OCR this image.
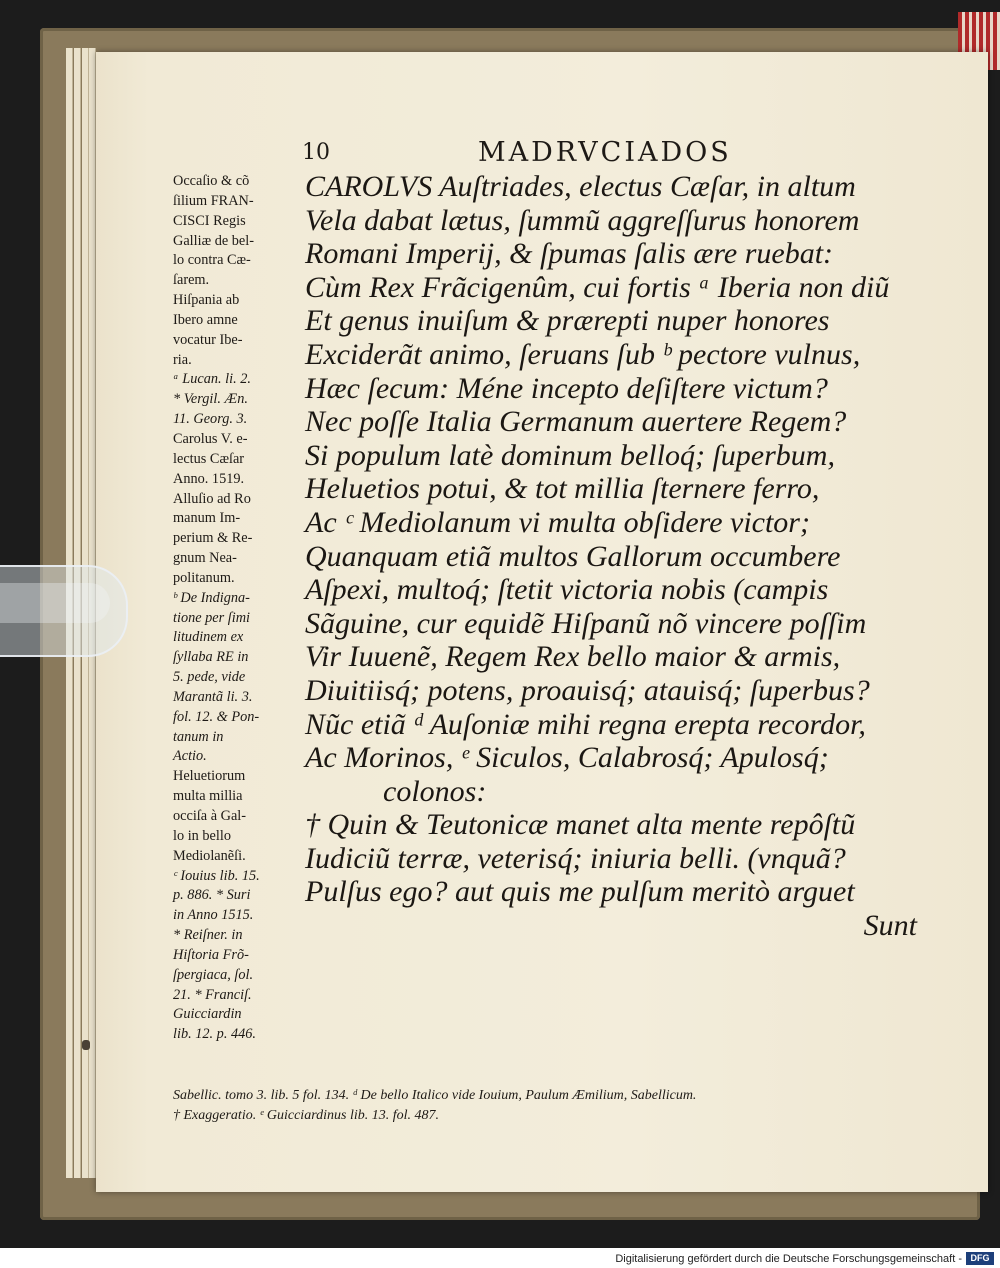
10	MADRVCIADOS
Occaſio & cõ
ſilium FRAN-
CISCI Regis
Galliæ de bel-
lo contra Cæ-
ſarem.
Hiſpania ab
Ibero amne
vocatur Ibe-
ria.
ᵃ Lucan. li. 2.
* Vergil. Æn.
11. Georg. 3.
Carolus V. e-
lectus Cæſar
Anno. 1519.
Alluſio ad Ro
manum Im-
perium & Re-
gnum Nea-
politanum.
ᵇ De Indigna-
tione per ſimi
litudinem ex
ſyllaba RE in
5. pede, vide
Marantã li. 3.
fol. 12. & Pon-
tanum in
Actio.
Heluetiorum
multa millia
occiſa à Gal-
lo in bello
Mediolanẽſi.
ᶜ Iouius lib. 15.
p. 886. * Suri
in Anno 1515.
* Reiſner. in
Hiſtoria Frõ-
ſpergiaca, ſol.
21. * Franciſ.
Guicciardin
lib. 12. p. 446.
CAROLVS Auſtriades, electus Cæſar, in altum
Vela dabat lætus, ſummũ aggreſſurus honorem
Romani Imperij, & ſpumas ſalis ære ruebat:
Cùm Rex Frãcigenûm, cui fortis ᵃ Iberia non diũ
Et genus inuiſum & prærepti nuper honores
Exciderãt animo, ſeruans ſub ᵇ pectore vulnus,
Hæc ſecum: Méne incepto deſiſtere victum?
Nec poſſe Italia Germanum auertere Regem?
Si populum latè dominum belloq́; ſuperbum,
Heluetios potui, & tot millia ſternere ferro,
Ac ᶜ Mediolanum vi multa obſidere victor;
Quanquam etiã multos Gallorum occumbere
Aſpexi, multoq́; ſtetit victoria nobis (campis
Sãguine, cur equidẽ Hiſpanũ nõ vincere poſſim
Vir Iuuenẽ, Regem Rex bello maior & armis,
Diuitiisq́; potens, proauisq́; atauisq́; ſuperbus?
Nũc etiã ᵈ Auſoniæ mihi regna erepta recordor,
Ac Morinos, ᵉ Siculos, Calabrosq́; Apulosq́;
colonos:
† Quin & Teutonicæ manet alta mente repôſtũ
Iudiciũ terræ, veterisq́; iniuria belli. (vnquã?
Pulſus ego? aut quis me pulſum meritò arguet
Sunt
Sabellic. tomo 3. lib. 5 fol. 134. ᵈ De bello Italico vide Iouium, Paulum Æmilium, Sabellicum.
† Exaggeratio. ᵉ Guicciardinus lib. 13. fol. 487.
Digitalisierung gefördert durch die Deutsche Forschungsgemeinschaft - DFG
